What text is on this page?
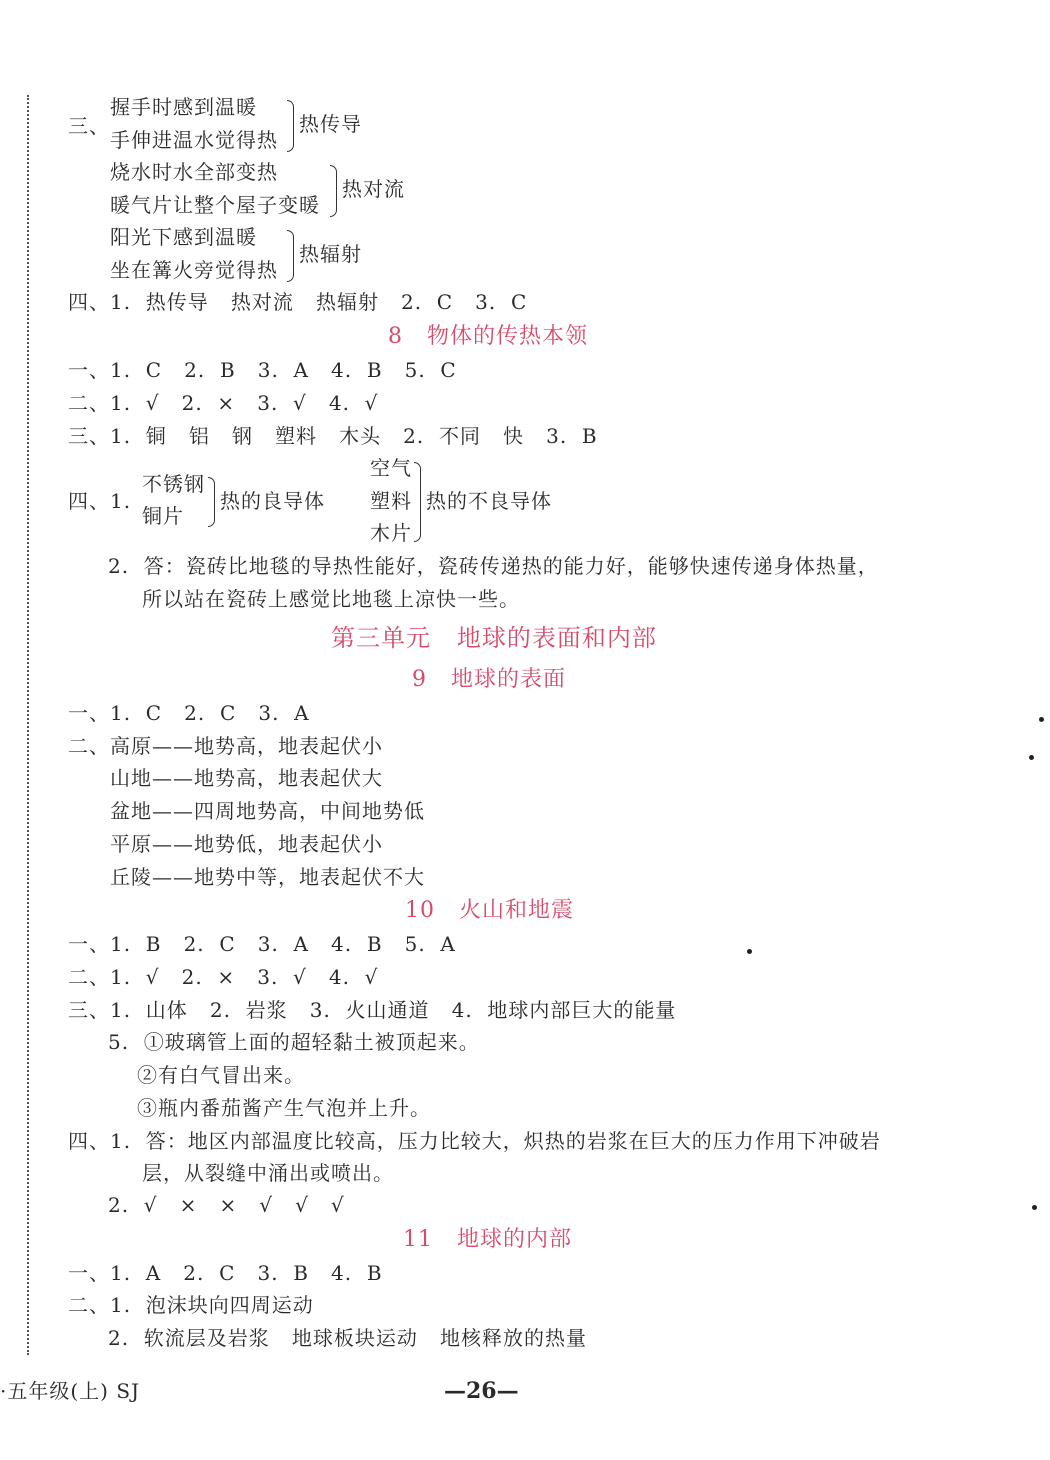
三、
握手时感到温暖
手伸进温水觉得热
热传导
烧水时水全部变热
暖气片让整个屋子变暖
热对流
阳光下感到温暖
坐在篝火旁觉得热
热辐射
四、1.  热传导   热对流   热辐射   2.  C   3.  C
8   物体的传热本领
一、1.  C   2.  B   3.  A   4.  B   5.  C
二、1.  √   2.  ×   3.  √   4.  √
三、1.  铜   铝   钢   塑料   木头   2.  不同   快   3.  B
四、1.
不锈钢
铜片
热的良导体
空气
塑料
木片
热的不良导体
2.  答：瓷砖比地毯的导热性能好，瓷砖传递热的能力好，能够快速传递身体热量，
所以站在瓷砖上感觉比地毯上凉快一些。
第三单元   地球的表面和内部
9   地球的表面
一、1.  C   2.  C   3.  A
二、 高原——地势高，地表起伏小
山地——地势高，地表起伏大
盆地——四周地势高，中间地势低
平原——地势低，地表起伏小
丘陵——地势中等，地表起伏不大
10   火山和地震
一、1.  B   2.  C   3.  A   4.  B   5.  A
二、1.  √   2.  ×   3.  √   4.  √
三、1.  山体   2.  岩浆   3.  火山通道   4.  地球内部巨大的能量
5.  ①玻璃管上面的超轻黏土被顶起来。
②有白气冒出来。
③瓶内番茄酱产生气泡并上升。
四、1.  答：地区内部温度比较高，压力比较大，炽热的岩浆在巨大的压力作用下冲破岩
层，从裂缝中涌出或喷出。
2.  √   ×   ×   √   √   √
11   地球的内部
一、1.  A   2.  C   3.  B   4.  B
二、1.  泡沫块向四周运动
2.  软流层及岩浆   地球板块运动   地核释放的热量
·五年级(上) SJ	—26—
